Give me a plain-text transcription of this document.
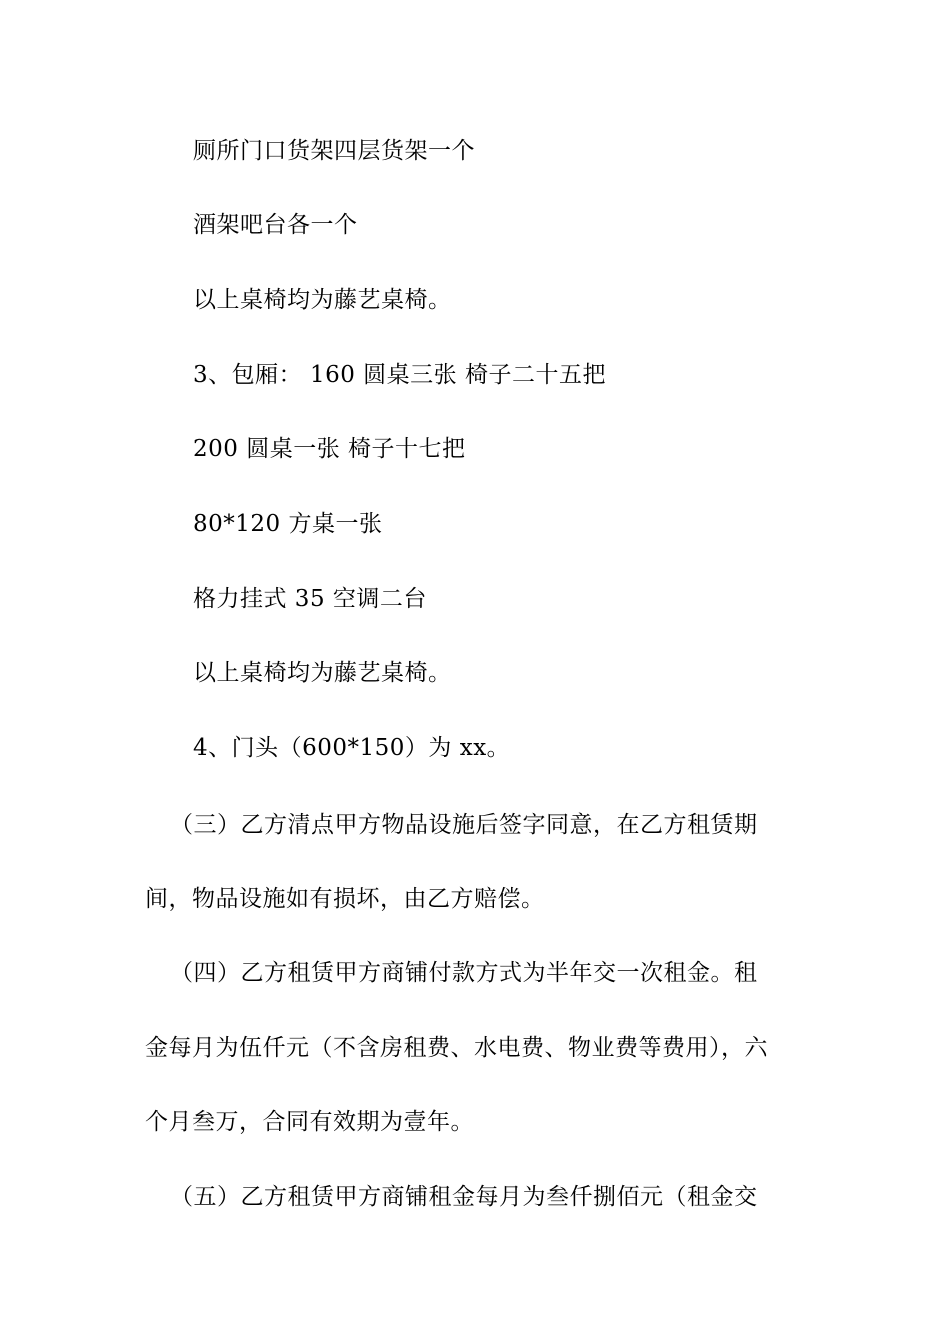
厕所门口货架四层货架一个
酒架吧台各一个
以上桌椅均为藤艺桌椅。
3、包厢： 160 圆桌三张 椅子二十五把
200 圆桌一张 椅子十七把
80*120 方桌一张
格力挂式 35 空调二台
以上桌椅均为藤艺桌椅。
4、门头（600*150）为 xx。
（三）乙方清点甲方物品设施后签字同意，在乙方租赁期
间，物品设施如有损坏，由乙方赔偿。
（四）乙方租赁甲方商铺付款方式为半年交一次租金。租
金每月为伍仟元（不含房租费、水电费、物业费等费用），六
个月叁万，合同有效期为壹年。
（五）乙方租赁甲方商铺租金每月为叁仟捌佰元（租金交
